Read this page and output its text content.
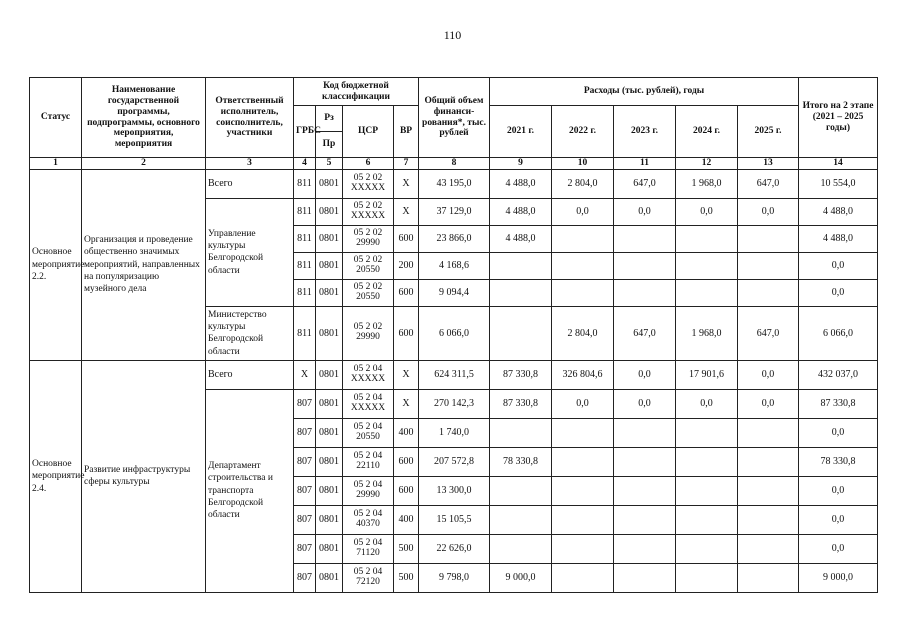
110
Статус	Наименование государственной программы, подпрограммы, основного мероприятия, мероприятия	Ответственный исполнитель, соисполнитель, участники	Код бюджетной классификации				Общий объем финанси-рования*, тыс. рублей	Расходы (тыс. рублей), годы					Итого на 2 этапе (2021 – 2025 годы)
			ГРБС	Рз	ЦСР	ВР		2021 г.	2022 г.	2023 г.	2024 г.	2025 г.	
				Пр									
1	2	3	4	5	6	7	8	9	10	11	12	13	14
Основное мероприятие 2.2.	Организация и проведение общественно значимых мероприятий, направленных на популяризацию музейного дела	Всего	811	0801	05 2 02 XXXXX	X	43 195,0	4 488,0	2 804,0	647,0	1 968,0	647,0	10 554,0
		Управление культуры Белгородской области	811	0801	05 2 02 XXXXX	X	37 129,0	4 488,0	0,0	0,0	0,0	0,0	4 488,0
			811	0801	05 2 02 29990	600	23 866,0	4 488,0					4 488,0
			811	0801	05 2 02 20550	200	4 168,6						0,0
			811	0801	05 2 02 20550	600	9 094,4						0,0
		Министерство культуры Белгородской области	811	0801	05 2 02 29990	600	6 066,0		2 804,0	647,0	1 968,0	647,0	6 066,0
Основное мероприятие 2.4.	Развитие инфраструктуры сферы культуры	Всего	X	0801	05 2 04 XXXXX	X	624 311,5	87 330,8	326 804,6	0,0	17 901,6	0,0	432 037,0
		Департамент строительства и транспорта Белгородской области	807	0801	05 2 04 XXXXX	X	270 142,3	87 330,8	0,0	0,0	0,0	0,0	87 330,8
			807	0801	05 2 04 20550	400	1 740,0						0,0
			807	0801	05 2 04 22110	600	207 572,8	78 330,8					78 330,8
			807	0801	05 2 04 29990	600	13 300,0						0,0
			807	0801	05 2 04 40370	400	15 105,5						0,0
			807	0801	05 2 04 71120	500	22 626,0						0,0
			807	0801	05 2 04 72120	500	9 798,0	9 000,0					9 000,0
